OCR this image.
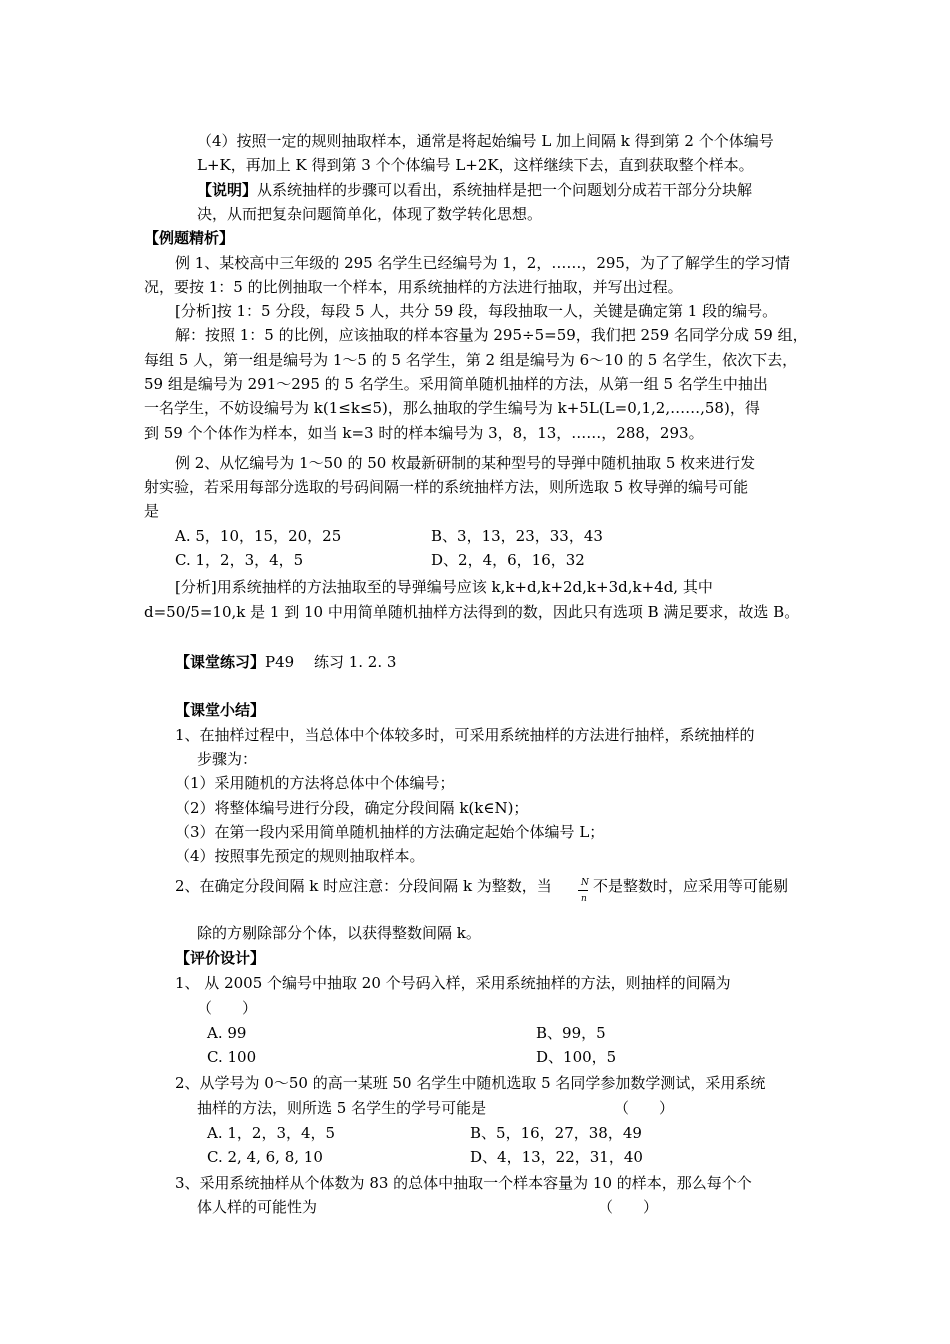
（4）按照一定的规则抽取样本，通常是将起始编号 L 加上间隔 k 得到第 2 个个体编号
L+K，再加上 K 得到第 3 个个体编号 L+2K，这样继续下去，直到获取整个样本。
【说明】从系统抽样的步骤可以看出，系统抽样是把一个问题划分成若干部分分块解
决，从而把复杂问题简单化，体现了数学转化思想。
【例题精析】
例 1、某校高中三年级的 295 名学生已经编号为 1，2，……，295，为了了解学生的学习情
况，要按 1：5 的比例抽取一个样本，用系统抽样的方法进行抽取，并写出过程。
[分析]按 1：5 分段，每段 5 人，共分 59 段，每段抽取一人，关键是确定第 1 段的编号。
解：按照 1：5 的比例，应该抽取的样本容量为 295÷5=59，我们把 259 名同学分成 59 组，
每组 5 人，第一组是编号为 1～5 的 5 名学生，第 2 组是编号为 6～10 的 5 名学生，依次下去，
59 组是编号为 291～295 的 5 名学生。采用简单随机抽样的方法，从第一组 5 名学生中抽出
一名学生，不妨设编号为 k(1≤k≤5)，那么抽取的学生编号为 k+5L(L=0,1,2,……,58)，得
到 59 个个体作为样本，如当 k=3 时的样本编号为 3，8，13，……，288，293。
例 2、从忆编号为 1～50 的 50 枚最新研制的某种型号的导弹中随机抽取 5 枚来进行发
射实验，若采用每部分选取的号码间隔一样的系统抽样方法，则所选取 5 枚导弹的编号可能
是
A. 5，10，15，20，25	B、3，13，23，33，43
C. 1，2，3，4，5	D、2，4，6，16，32
[分析]用系统抽样的方法抽取至的导弹编号应该 k,k+d,k+2d,k+3d,k+4d, 其中
d=50/5=10,k 是 1 到 10 中用简单随机抽样方法得到的数，因此只有选项 B 满足要求，故选 B。
【课堂练习】P49　 练习 1. 2. 3
【课堂小结】
1、在抽样过程中，当总体中个体较多时，可采用系统抽样的方法进行抽样，系统抽样的
步骤为：
（1）采用随机的方法将总体中个体编号；
（2）将整体编号进行分段，确定分段间隔 k(k∈N)；
（3）在第一段内采用简单随机抽样的方法确定起始个体编号 L；
（4）按照事先预定的规则抽取样本。
2、在确定分段间隔 k 时应注意：分段间隔 k 为整数，当	N
n
不是整数时，应采用等可能剔
除的方剔除部分个体，以获得整数间隔 k。
【评价设计】
1、 从 2005 个编号中抽取 20 个号码入样，采用系统抽样的方法，则抽样的间隔为
（　　）
A. 99	B、99，5
C. 100	D、100，5
2、从学号为 0～50 的高一某班 50 名学生中随机选取 5 名同学参加数学测试，采用系统
抽样的方法，则所选 5 名学生的学号可能是	（　　）
A. 1，2，3，4，5	B、5，16，27，38，49
C. 2, 4, 6, 8, 10	D、4，13，22，31，40
3、采用系统抽样从个体数为 83 的总体中抽取一个样本容量为 10 的样本，那么每个个
体人样的可能性为	（　　）
